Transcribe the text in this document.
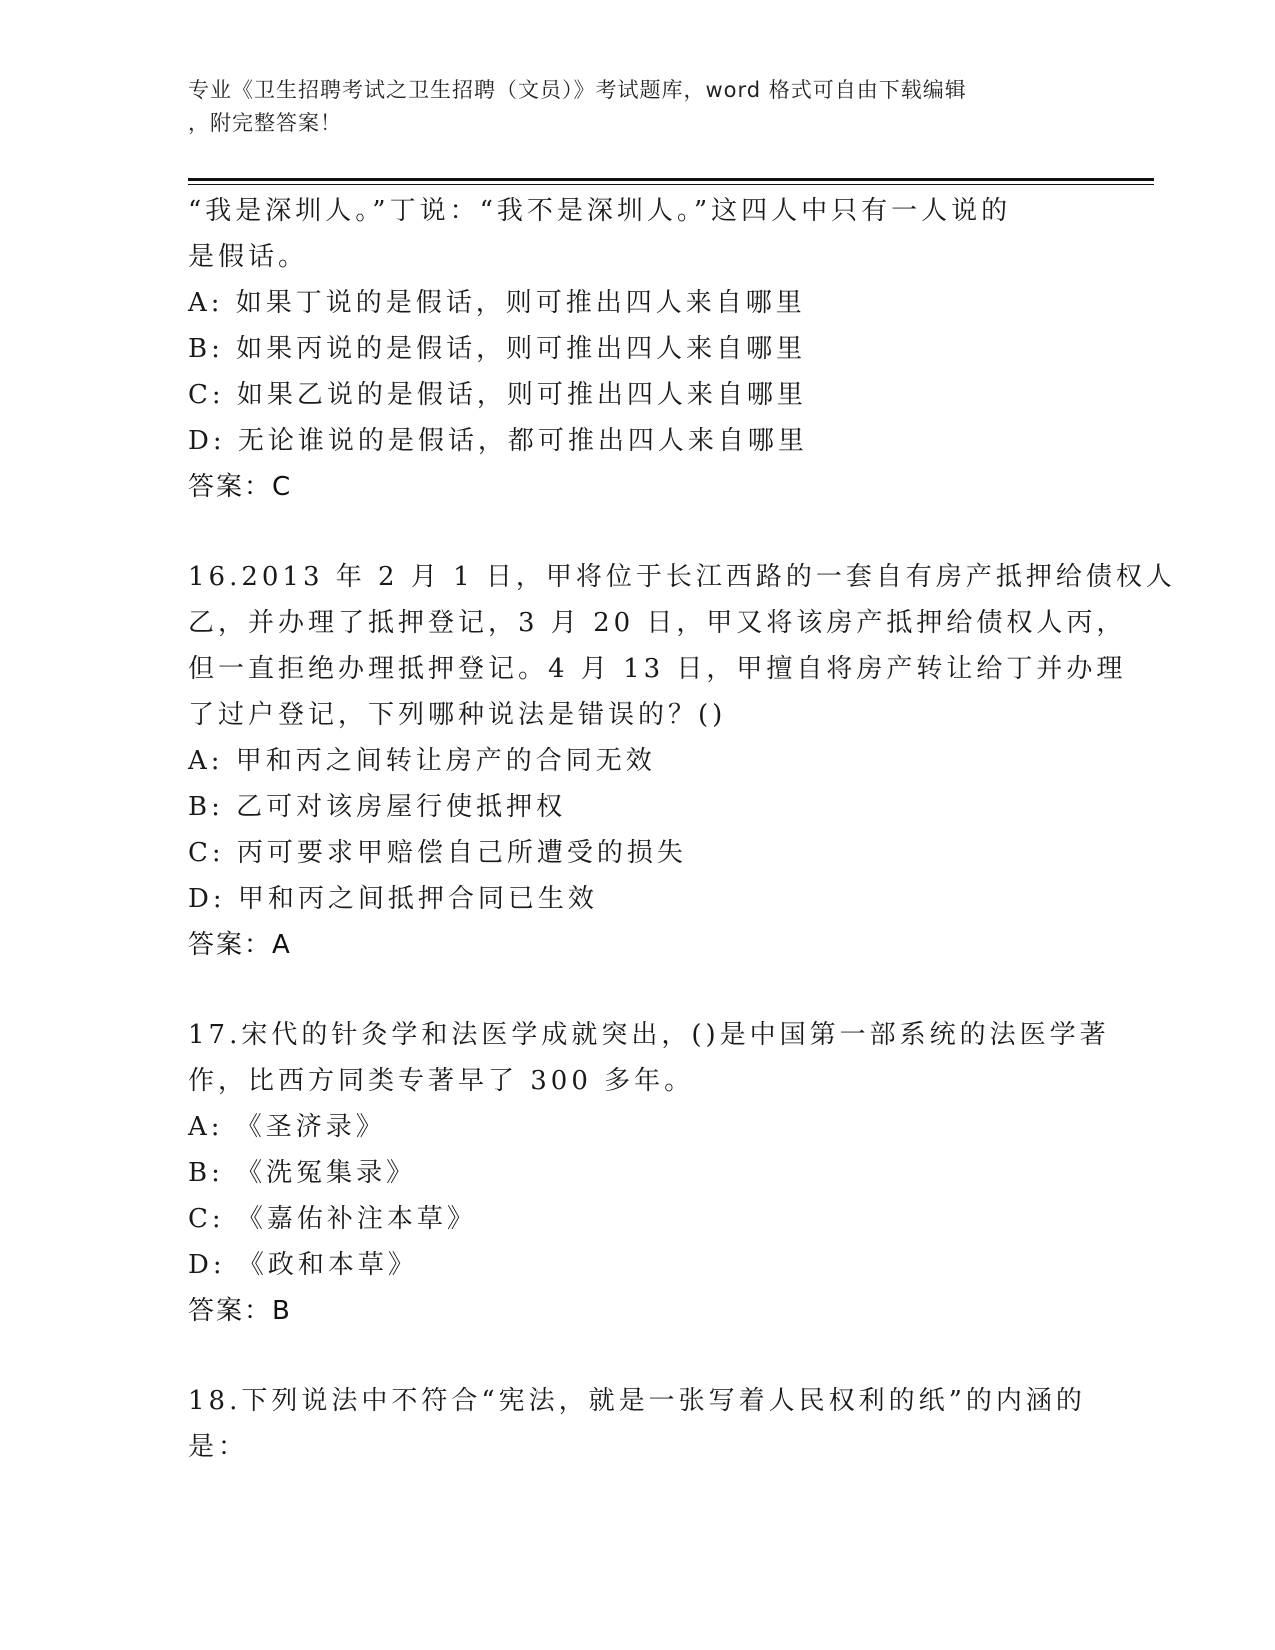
专业《卫生招聘考试之卫生招聘（文员）》考试题库，word 格式可自由下载编辑
，附完整答案！
“我是深圳人。”丁说：“我不是深圳人。”这四人中只有一人说的
是假话。
A: 如果丁说的是假话，则可推出四人来自哪里
B: 如果丙说的是假话，则可推出四人来自哪里
C: 如果乙说的是假话，则可推出四人来自哪里
D: 无论谁说的是假话，都可推出四人来自哪里
答案：C
16.2013 年 2 月 1 日，甲将位于长江西路的一套自有房产抵押给债权人
乙，并办理了抵押登记，3 月 20 日，甲又将该房产抵押给债权人丙，
但一直拒绝办理抵押登记。4 月 13 日，甲擅自将房产转让给丁并办理
了过户登记，下列哪种说法是错误的？()
A: 甲和丙之间转让房产的合同无效
B: 乙可对该房屋行使抵押权
C: 丙可要求甲赔偿自己所遭受的损失
D: 甲和丙之间抵押合同已生效
答案：A
17.宋代的针灸学和法医学成就突出，()是中国第一部系统的法医学著
作，比西方同类专著早了 300 多年。
A: 《圣济录》
B: 《洗冤集录》
C: 《嘉佑补注本草》
D: 《政和本草》
答案：B
18.下列说法中不符合“宪法，就是一张写着人民权利的纸”的内涵的
是：
